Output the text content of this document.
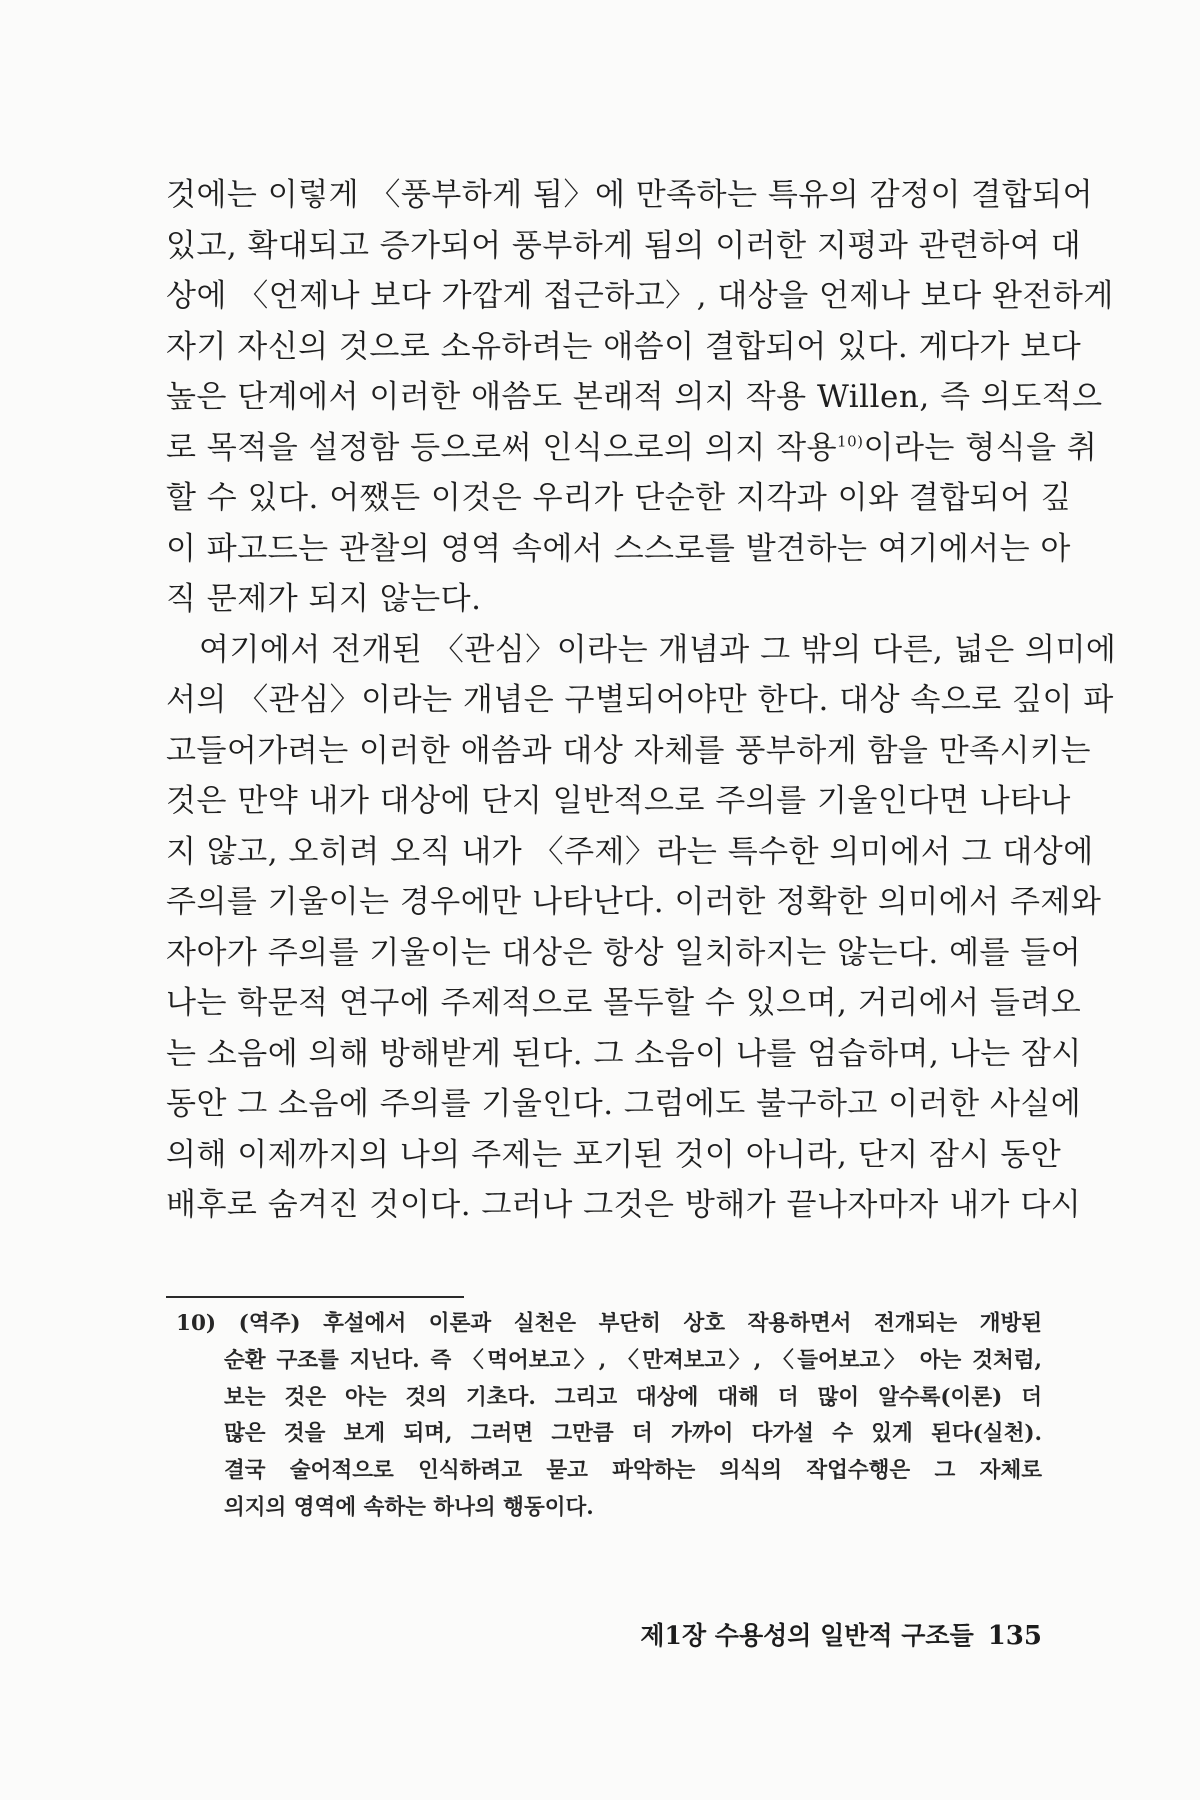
것에는 이렇게 〈풍부하게 됨〉에 만족하는 특유의 감정이 결합되어
있고, 확대되고 증가되어 풍부하게 됨의 이러한 지평과 관련하여 대
상에 〈언제나 보다 가깝게 접근하고〉, 대상을 언제나 보다 완전하게
자기 자신의 것으로 소유하려는 애씀이 결합되어 있다. 게다가 보다
높은 단계에서 이러한 애씀도 본래적 의지 작용 Willen, 즉 의도적으
로 목적을 설정함 등으로써 인식으로의 의지 작용$^{10)}$이라는 형식을 취
할 수 있다. 어쨌든 이것은 우리가 단순한 지각과 이와 결합되어 깊
이 파고드는 관찰의 영역 속에서 스스로를 발견하는 여기에서는 아
직 문제가 되지 않는다.
여기에서 전개된 〈관심〉이라는 개념과 그 밖의 다른, 넓은 의미에
서의 〈관심〉이라는 개념은 구별되어야만 한다. 대상 속으로 깊이 파
고들어가려는 이러한 애씀과 대상 자체를 풍부하게 함을 만족시키는
것은 만약 내가 대상에 단지 일반적으로 주의를 기울인다면 나타나
지 않고, 오히려 오직 내가 〈주제〉라는 특수한 의미에서 그 대상에
주의를 기울이는 경우에만 나타난다. 이러한 정확한 의미에서 주제와
자아가 주의를 기울이는 대상은 항상 일치하지는 않는다. 예를 들어
나는 학문적 연구에 주제적으로 몰두할 수 있으며, 거리에서 들려오
는 소음에 의해 방해받게 된다. 그 소음이 나를 엄습하며, 나는 잠시
동안 그 소음에 주의를 기울인다. 그럼에도 불구하고 이러한 사실에
의해 이제까지의 나의 주제는 포기된 것이 아니라, 단지 잠시 동안
배후로 숨겨진 것이다. 그러나 그것은 방해가 끝나자마자 내가 다시
10) (역주) 후설에서 이론과 실천은 부단히 상호 작용하면서 전개되는 개방된
순환 구조를 지닌다. 즉 〈먹어보고〉, 〈만져보고〉, 〈들어보고〉 아는 것처럼,
보는 것은 아는 것의 기초다. 그리고 대상에 대해 더 많이 알수록(이론) 더
많은 것을 보게 되며, 그러면 그만큼 더 가까이 다가설 수 있게 된다(실천).
결국 술어적으로 인식하려고 묻고 파악하는 의식의 작업수행은 그 자체로
의지의 영역에 속하는 하나의 행동이다.
제1장 수용성의 일반적 구조들 135
